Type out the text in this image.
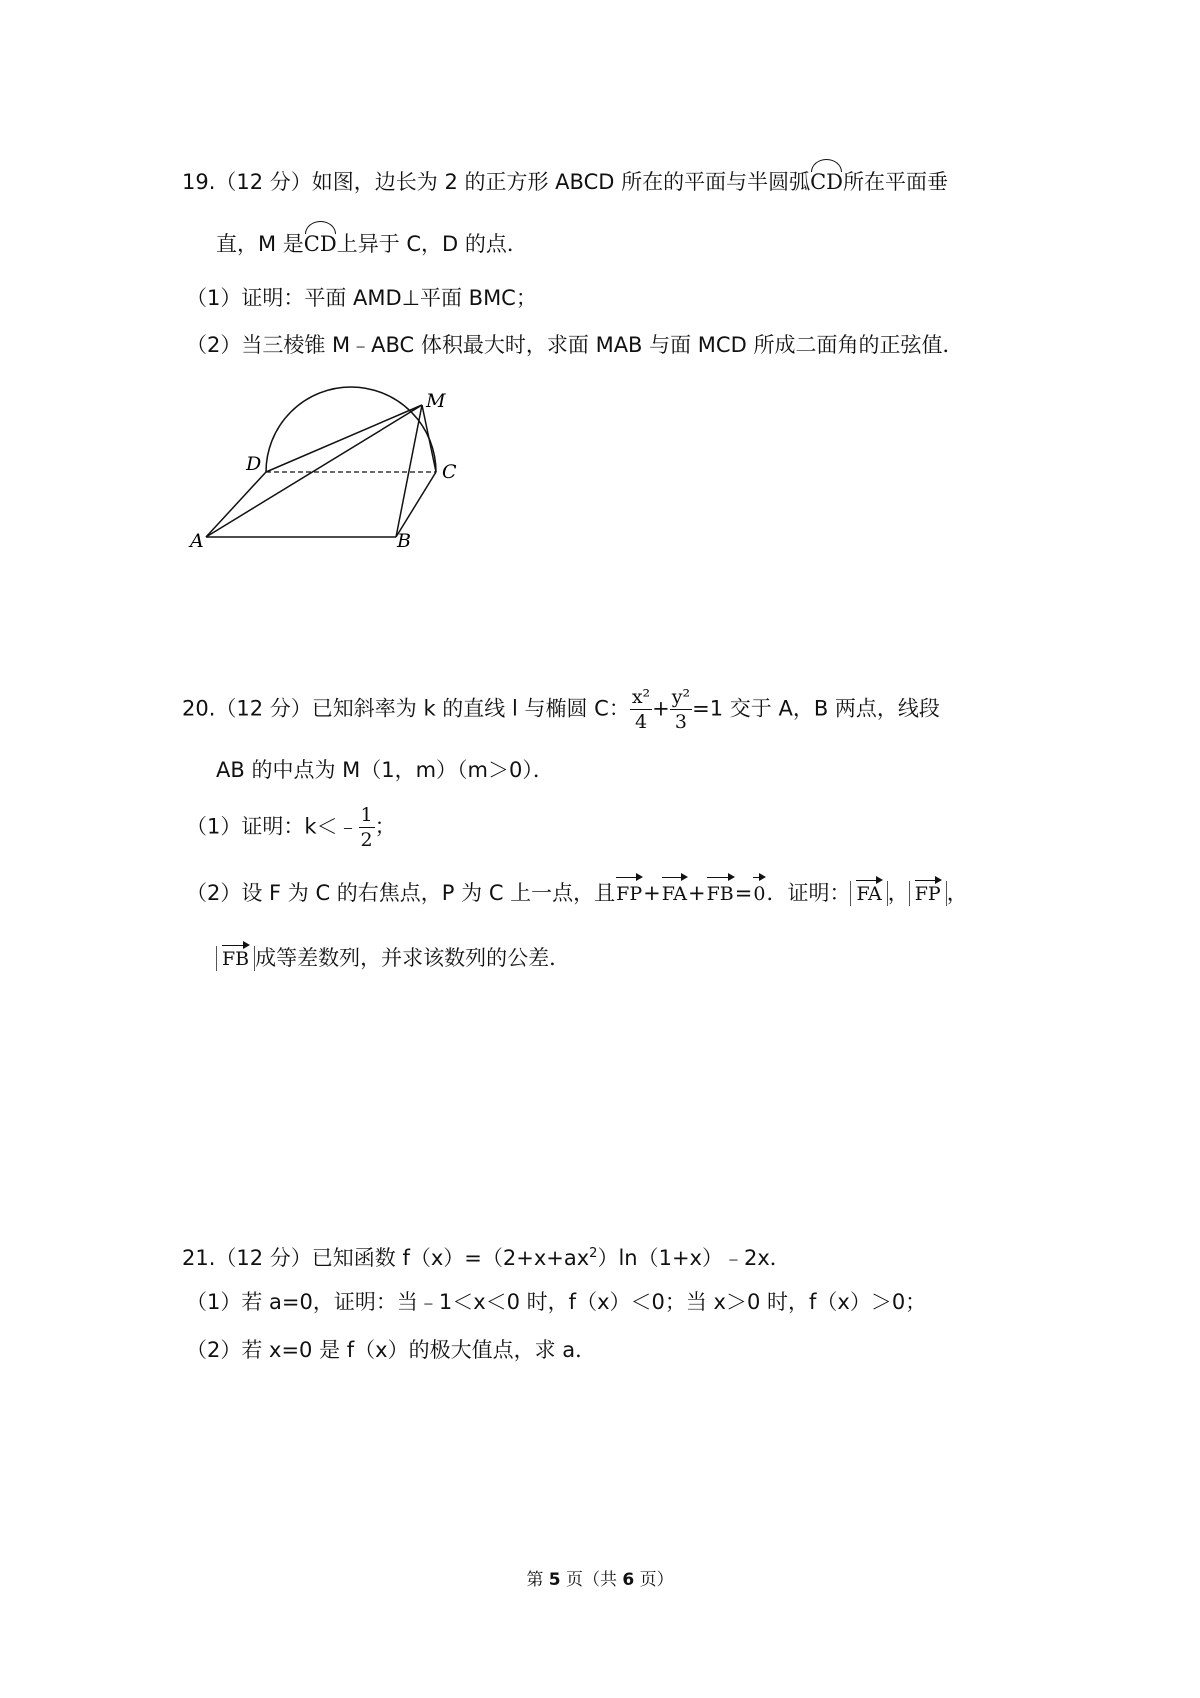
19.（12 分）如图，边长为 2 的正方形 ABCD 所在的平面与半圆弧CD所在平面垂
直，M 是CD上异于 C，D 的点．
（1）证明：平面 AMD⊥平面 BMC；
（2）当三棱锥 M﹣ABC 体积最大时，求面 MAB 与面 MCD 所成二面角的正弦值．
M
D	C
A	B
20.（12 分）已知斜率为 k 的直线 l 与椭圆 C： $\frac{\text{x²}}{4} + \frac{\text{y²}}{3} =1$ 交于 A，B 两点，线段
AB 的中点为 M（1，m）（m＞0）．
（1）证明：k＜﹣ $\frac{1}{2}$ ；
（2）设 F 为 C 的右焦点，P 为 C 上一点，且FP+FA+FB=0．证明： FA ， FP ，
FB 成等差数列，并求该数列的公差．
21.（12 分）已知函数 $f(x)=(2+x+ax^2)\ln(1+x)﹣2x$．
（1）若 a=0，证明：当﹣1＜x＜0 时，f（x）＜0；当 x＞0 时，f（x）＞0；
（2）若 x=0 是 f（x）的极大值点，求 a．
第 5 页（共 6 页）
